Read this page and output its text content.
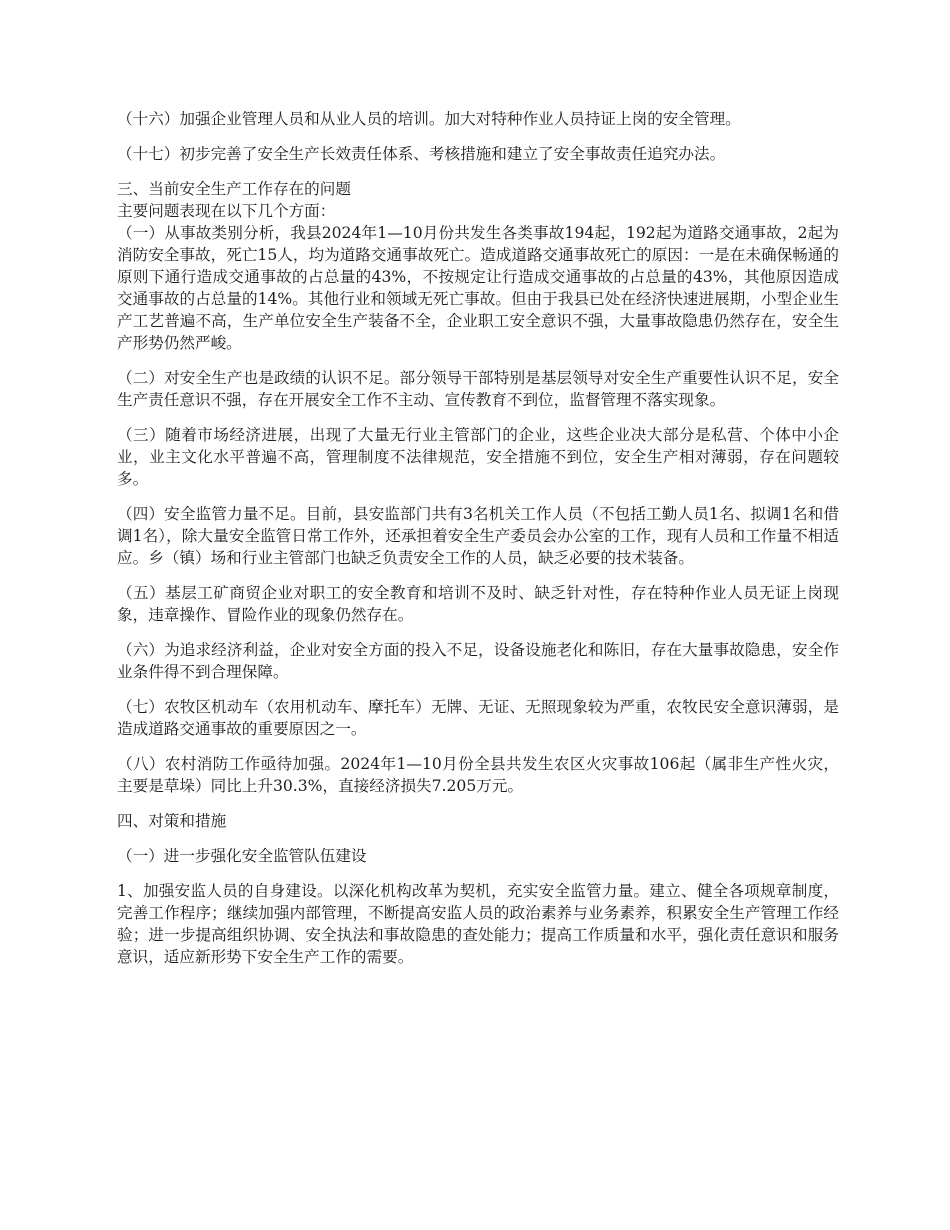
（十六）加强企业管理人员和从业人员的培训。加大对特种作业人员持证上岗的安全管理。

（十七）初步完善了安全生产长效责任体系、考核措施和建立了安全事故责任追究办法。

三、当前安全生产工作存在的问题

主要问题表现在以下几个方面：

（一）从事故类别分析，我县2024年1—10月份共发生各类事故194起，192起为道路交通事故，2起为消防安全事故，死亡15人，均为道路交通事故死亡。造成道路交通事故死亡的原因：一是在未确保畅通的原则下通行造成交通事故的占总量的43%，不按规定让行造成交通事故的占总量的43%，其他原因造成交通事故的占总量的14%。其他行业和领域无死亡事故。但由于我县已处在经济快速进展期，小型企业生产工艺普遍不高，生产单位安全生产装备不全，企业职工安全意识不强，大量事故隐患仍然存在，安全生产形势仍然严峻。

（二）对安全生产也是政绩的认识不足。部分领导干部特别是基层领导对安全生产重要性认识不足，安全生产责任意识不强，存在开展安全工作不主动、宣传教育不到位，监督管理不落实现象。

（三）随着市场经济进展，出现了大量无行业主管部门的企业，这些企业决大部分是私营、个体中小企业，业主文化水平普遍不高，管理制度不法律规范，安全措施不到位，安全生产相对薄弱，存在问题较多。

（四）安全监管力量不足。目前，县安监部门共有3名机关工作人员（不包括工勤人员1名、拟调1名和借调1名），除大量安全监管日常工作外，还承担着安全生产委员会办公室的工作，现有人员和工作量不相适应。乡（镇）场和行业主管部门也缺乏负责安全工作的人员，缺乏必要的技术装备。

（五）基层工矿商贸企业对职工的安全教育和培训不及时、缺乏针对性，存在特种作业人员无证上岗现象，违章操作、冒险作业的现象仍然存在。

（六）为追求经济利益，企业对安全方面的投入不足，设备设施老化和陈旧，存在大量事故隐患，安全作业条件得不到合理保障。

（七）农牧区机动车（农用机动车、摩托车）无牌、无证、无照现象较为严重，农牧民安全意识薄弱，是造成道路交通事故的重要原因之一。

（八）农村消防工作亟待加强。2024年1—10月份全县共发生农区火灾事故106起（属非生产性火灾，主要是草垛）同比上升30.3%，直接经济损失7.205万元。

四、对策和措施

（一）进一步强化安全监管队伍建设

1、加强安监人员的自身建设。以深化机构改革为契机，充实安全监管力量。建立、健全各项规章制度，完善工作程序；继续加强内部管理，不断提高安监人员的政治素养与业务素养，积累安全生产管理工作经验；进一步提高组织协调、安全执法和事故隐患的查处能力；提高工作质量和水平，强化责任意识和服务意识，适应新形势下安全生产工作的需要。
